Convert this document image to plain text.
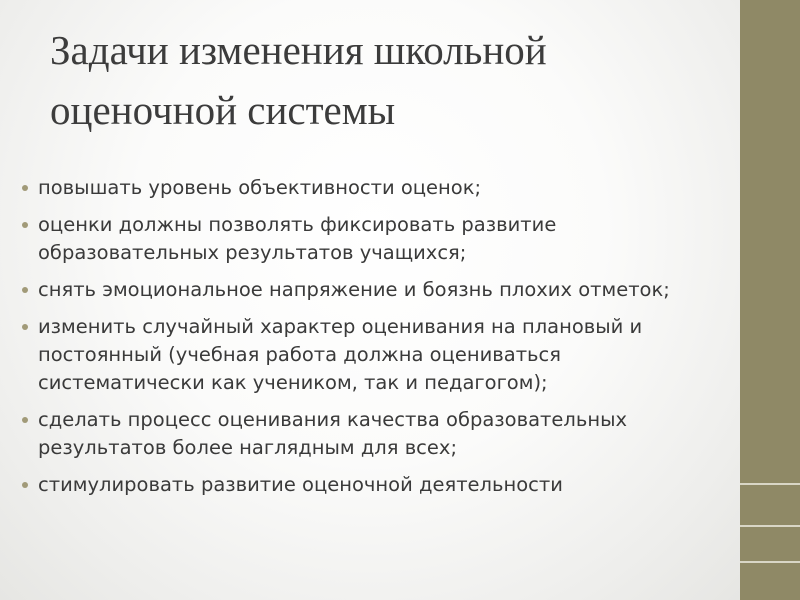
Задачи изменения школьной оценочной системы
повышать уровень объективности оценок;
оценки должны позволять фиксировать развитие образовательных результатов учащихся;
снять эмоциональное напряжение и боязнь плохих отметок;
изменить случайный характер оценивания на плановый и постоянный (учебная работа должна оцениваться систематически как учеником, так и педагогом);
сделать процесс оценивания качества образовательных результатов более наглядным для всех;
стимулировать развитие оценочной деятельности
